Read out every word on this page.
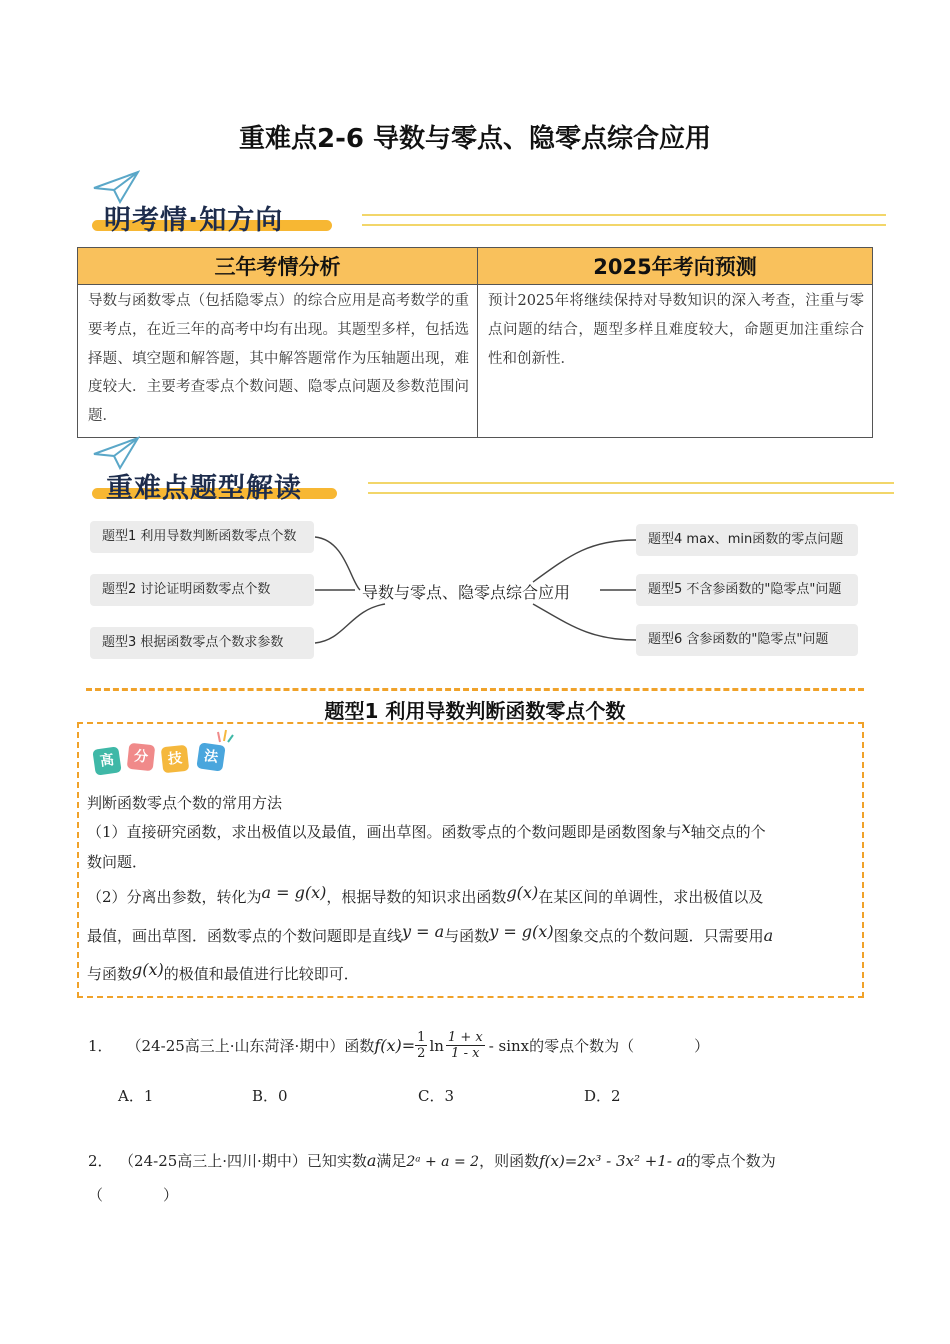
重难点2-6 导数与零点、隐零点综合应用
明考情·知方向
三年考情分析	2025年考向预测
导数与函数零点（包括隐零点）的综合应用是高考数学的重要考点，在近三年的高考中均有出现。其题型多样，包括选择题、填空题和解答题，其中解答题常作为压轴题出现，难度较大．主要考查零点个数问题、隐零点问题及参数范围问题．	预计2025年将继续保持对导数知识的深入考查，注重与零点问题的结合，题型多样且难度较大，命题更加注重综合性和创新性．
重难点题型解读
题型1 利用导数判断函数零点个数
题型2 讨论证明函数零点个数
题型3 根据函数零点个数求参数
导数与零点、隐零点综合应用
题型4 max、min函数的零点问题
题型5 不含参函数的"隐零点"问题
题型6 含参函数的"隐零点"问题
题型1 利用导数判断函数零点个数
高	分	技	法
判断函数零点个数的常用方法
（1）直接研究函数，求出极值以及最值，画出草图。函数零点的个数问题即是函数图象与x轴交点的个
数问题．
（2）分离出参数，转化为a = g(x)，根据导数的知识求出函数g(x)在某区间的单调性，求出极值以及
最值，画出草图．函数零点的个数问题即是直线y = a与函数y = g(x)图象交点的个数问题．只需要用a
与函数g(x)的极值和最值进行比较即可．
1． （24-25高三上·山东菏泽·期中）函数 $f(x)= \frac{1}{2}$ $\ln \frac{1 + x}{1 - x}$ - sinx 的零点个数为（　　　　）
A．1	B．0	C．3	D．2
2． （24-25高三上·四川·期中）已知实数a满足2ᵃ + a = 2，则函数f(x)=2x³ - 3x² +1- a的零点个数为
（　　　　）
